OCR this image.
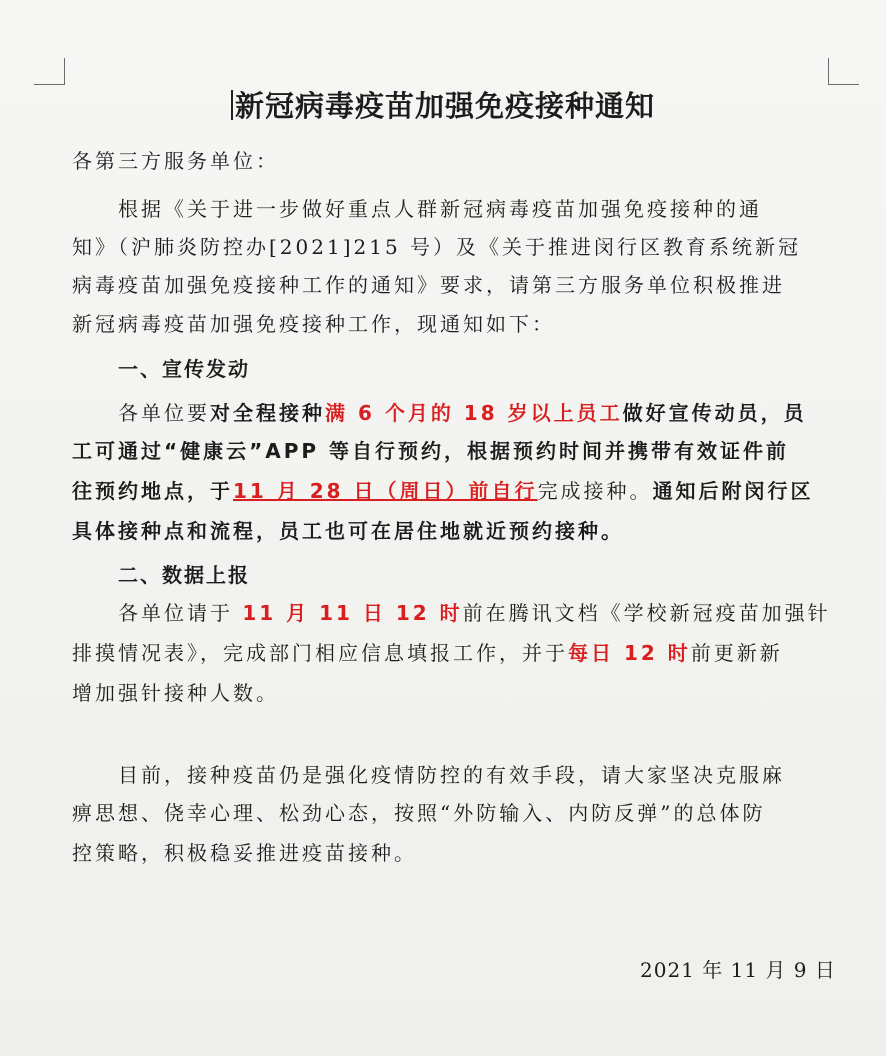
新冠病毒疫苗加强免疫接种通知
各第三方服务单位：
根据《关于进一步做好重点人群新冠病毒疫苗加强免疫接种的通
知》（沪肺炎防控办[2021]215 号）及《关于推进闵行区教育系统新冠
病毒疫苗加强免疫接种工作的通知》要求，请第三方服务单位积极推进
新冠病毒疫苗加强免疫接种工作，现通知如下：
一、宣传发动
各单位要对全程接种满 6 个月的 18 岁以上员工做好宣传动员，员
工可通过“健康云”APP 等自行预约，根据预约时间并携带有效证件前
往预约地点，于11 月 28 日（周日）前自行完成接种。通知后附闵行区
具体接种点和流程，员工也可在居住地就近预约接种。
二、数据上报
各单位请于 11 月 11 日 12 时前在腾讯文档《学校新冠疫苗加强针
排摸情况表》，完成部门相应信息填报工作，并于每日 12 时前更新新
增加强针接种人数。
目前，接种疫苗仍是强化疫情防控的有效手段，请大家坚决克服麻
痹思想、侥幸心理、松劲心态，按照“外防输入、内防反弹”的总体防
控策略，积极稳妥推进疫苗接种。
2021 年 11 月 9 日
